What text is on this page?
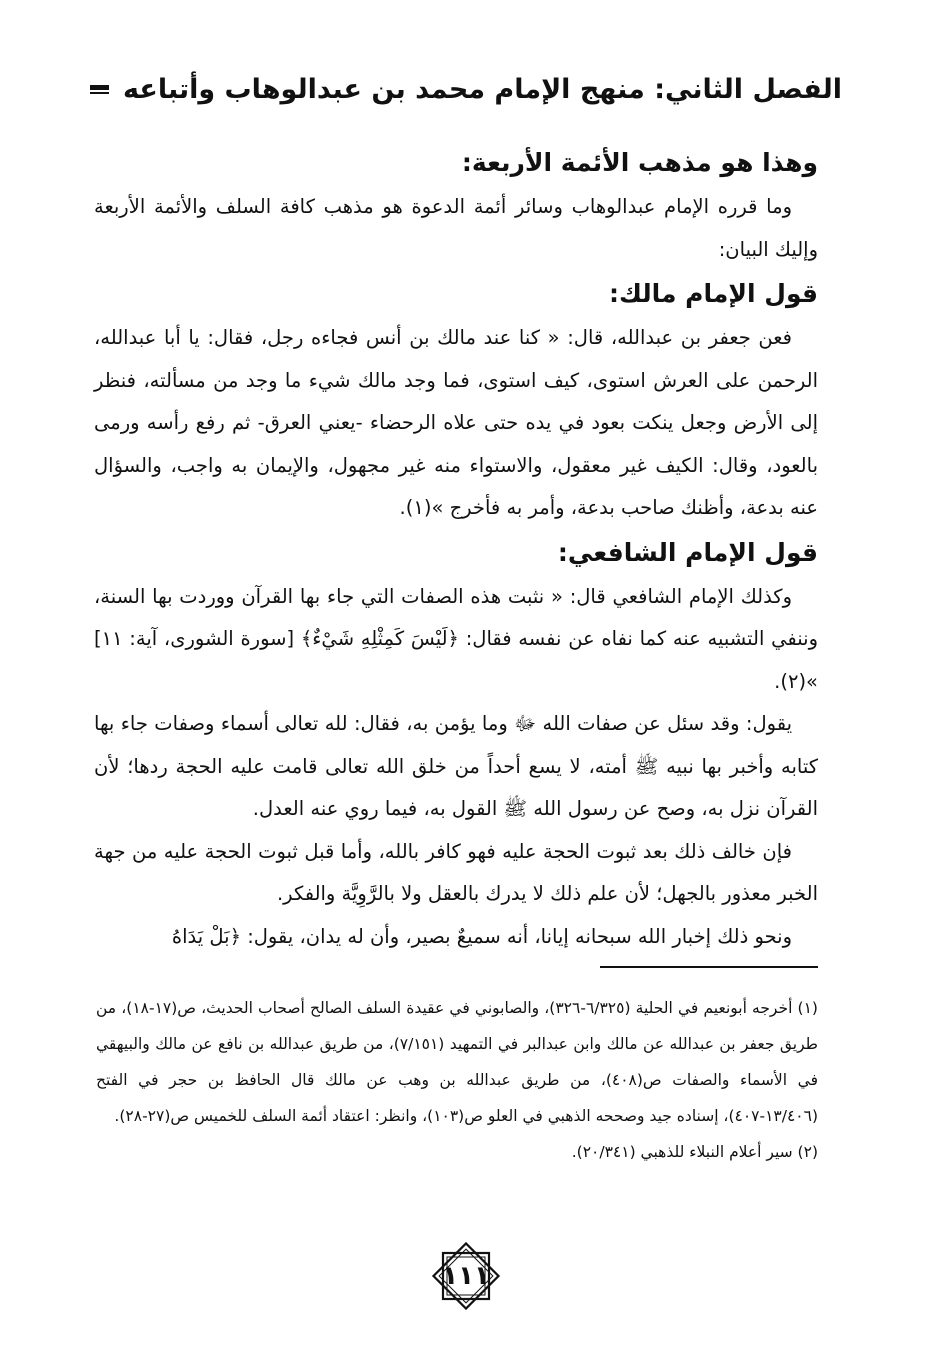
الفصل الثاني: منهج الإمام محمد بن عبدالوهاب وأتباعه
وهذا هو مذهب الأئمة الأربعة:

وما قرره الإمام عبدالوهاب وسائر أئمة الدعوة هو مذهب كافة السلف والأئمة الأربعة وإليك البيان:

قول الإمام مالك:

فعن جعفر بن عبدالله، قال: « كنا عند مالك بن أنس فجاءه رجل، فقال: يا أبا عبدالله، الرحمن على العرش استوى، كيف استوى، فما وجد مالك شيء ما وجد من مسألته، فنظر إلى الأرض وجعل ينكت بعود في يده حتى علاه الرحضاء -يعني العرق- ثم رفع رأسه ورمى بالعود، وقال: الكيف غير معقول، والاستواء منه غير مجهول، والإيمان به واجب، والسؤال عنه بدعة، وأظنك صاحب بدعة، وأمر به فأخرج »(١).

قول الإمام الشافعي:

وكذلك الإمام الشافعي قال: « نثبت هذه الصفات التي جاء بها القرآن ووردت بها السنة، وننفي التشبيه عنه كما نفاه عن نفسه فقال: ﴿لَيْسَ كَمِثْلِهِ شَيْءٌ﴾ [سورة الشورى، آية: ١١] »(٢).

يقول: وقد سئل عن صفات الله ﷻ وما يؤمن به، فقال: لله تعالى أسماء وصفات جاء بها كتابه وأخبر بها نبيه ﷺ أمته، لا يسع أحداً من خلق الله تعالى قامت عليه الحجة ردها؛ لأن القرآن نزل به، وصح عن رسول الله ﷺ القول به، فيما روي عنه العدل.

فإن خالف ذلك بعد ثبوت الحجة عليه فهو كافر بالله، وأما قبل ثبوت الحجة عليه من جهة الخبر معذور بالجهل؛ لأن علم ذلك لا يدرك بالعقل ولا بالرَّوِيَّة والفكر.

ونحو ذلك إخبار الله سبحانه إيانا، أنه سميعٌ بصير، وأن له يدان، يقول: ﴿بَلْ يَدَاهُ

(١) أخرجه أبونعيم في الحلية (٦/٣٢٥-٣٢٦)، والصابوني في عقيدة السلف الصالح أصحاب الحديث، ص(١٧-١٨)، من طريق جعفر بن عبدالله عن مالك وابن عبدالبر في التمهيد (٧/١٥١)، من طريق عبدالله بن نافع عن مالك والبيهقي في الأسماء والصفات ص(٤٠٨)، من طريق عبدالله بن وهب عن مالك قال الحافظ بن حجر في الفتح (١٣/٤٠٦-٤٠٧)، إسناده جيد وصححه الذهبي في العلو ص(١٠٣)، وانظر: اعتقاد أئمة السلف للخميس ص(٢٧-٢٨).

(٢) سير أعلام النبلاء للذهبي (٢٠/٣٤١).

١١١
